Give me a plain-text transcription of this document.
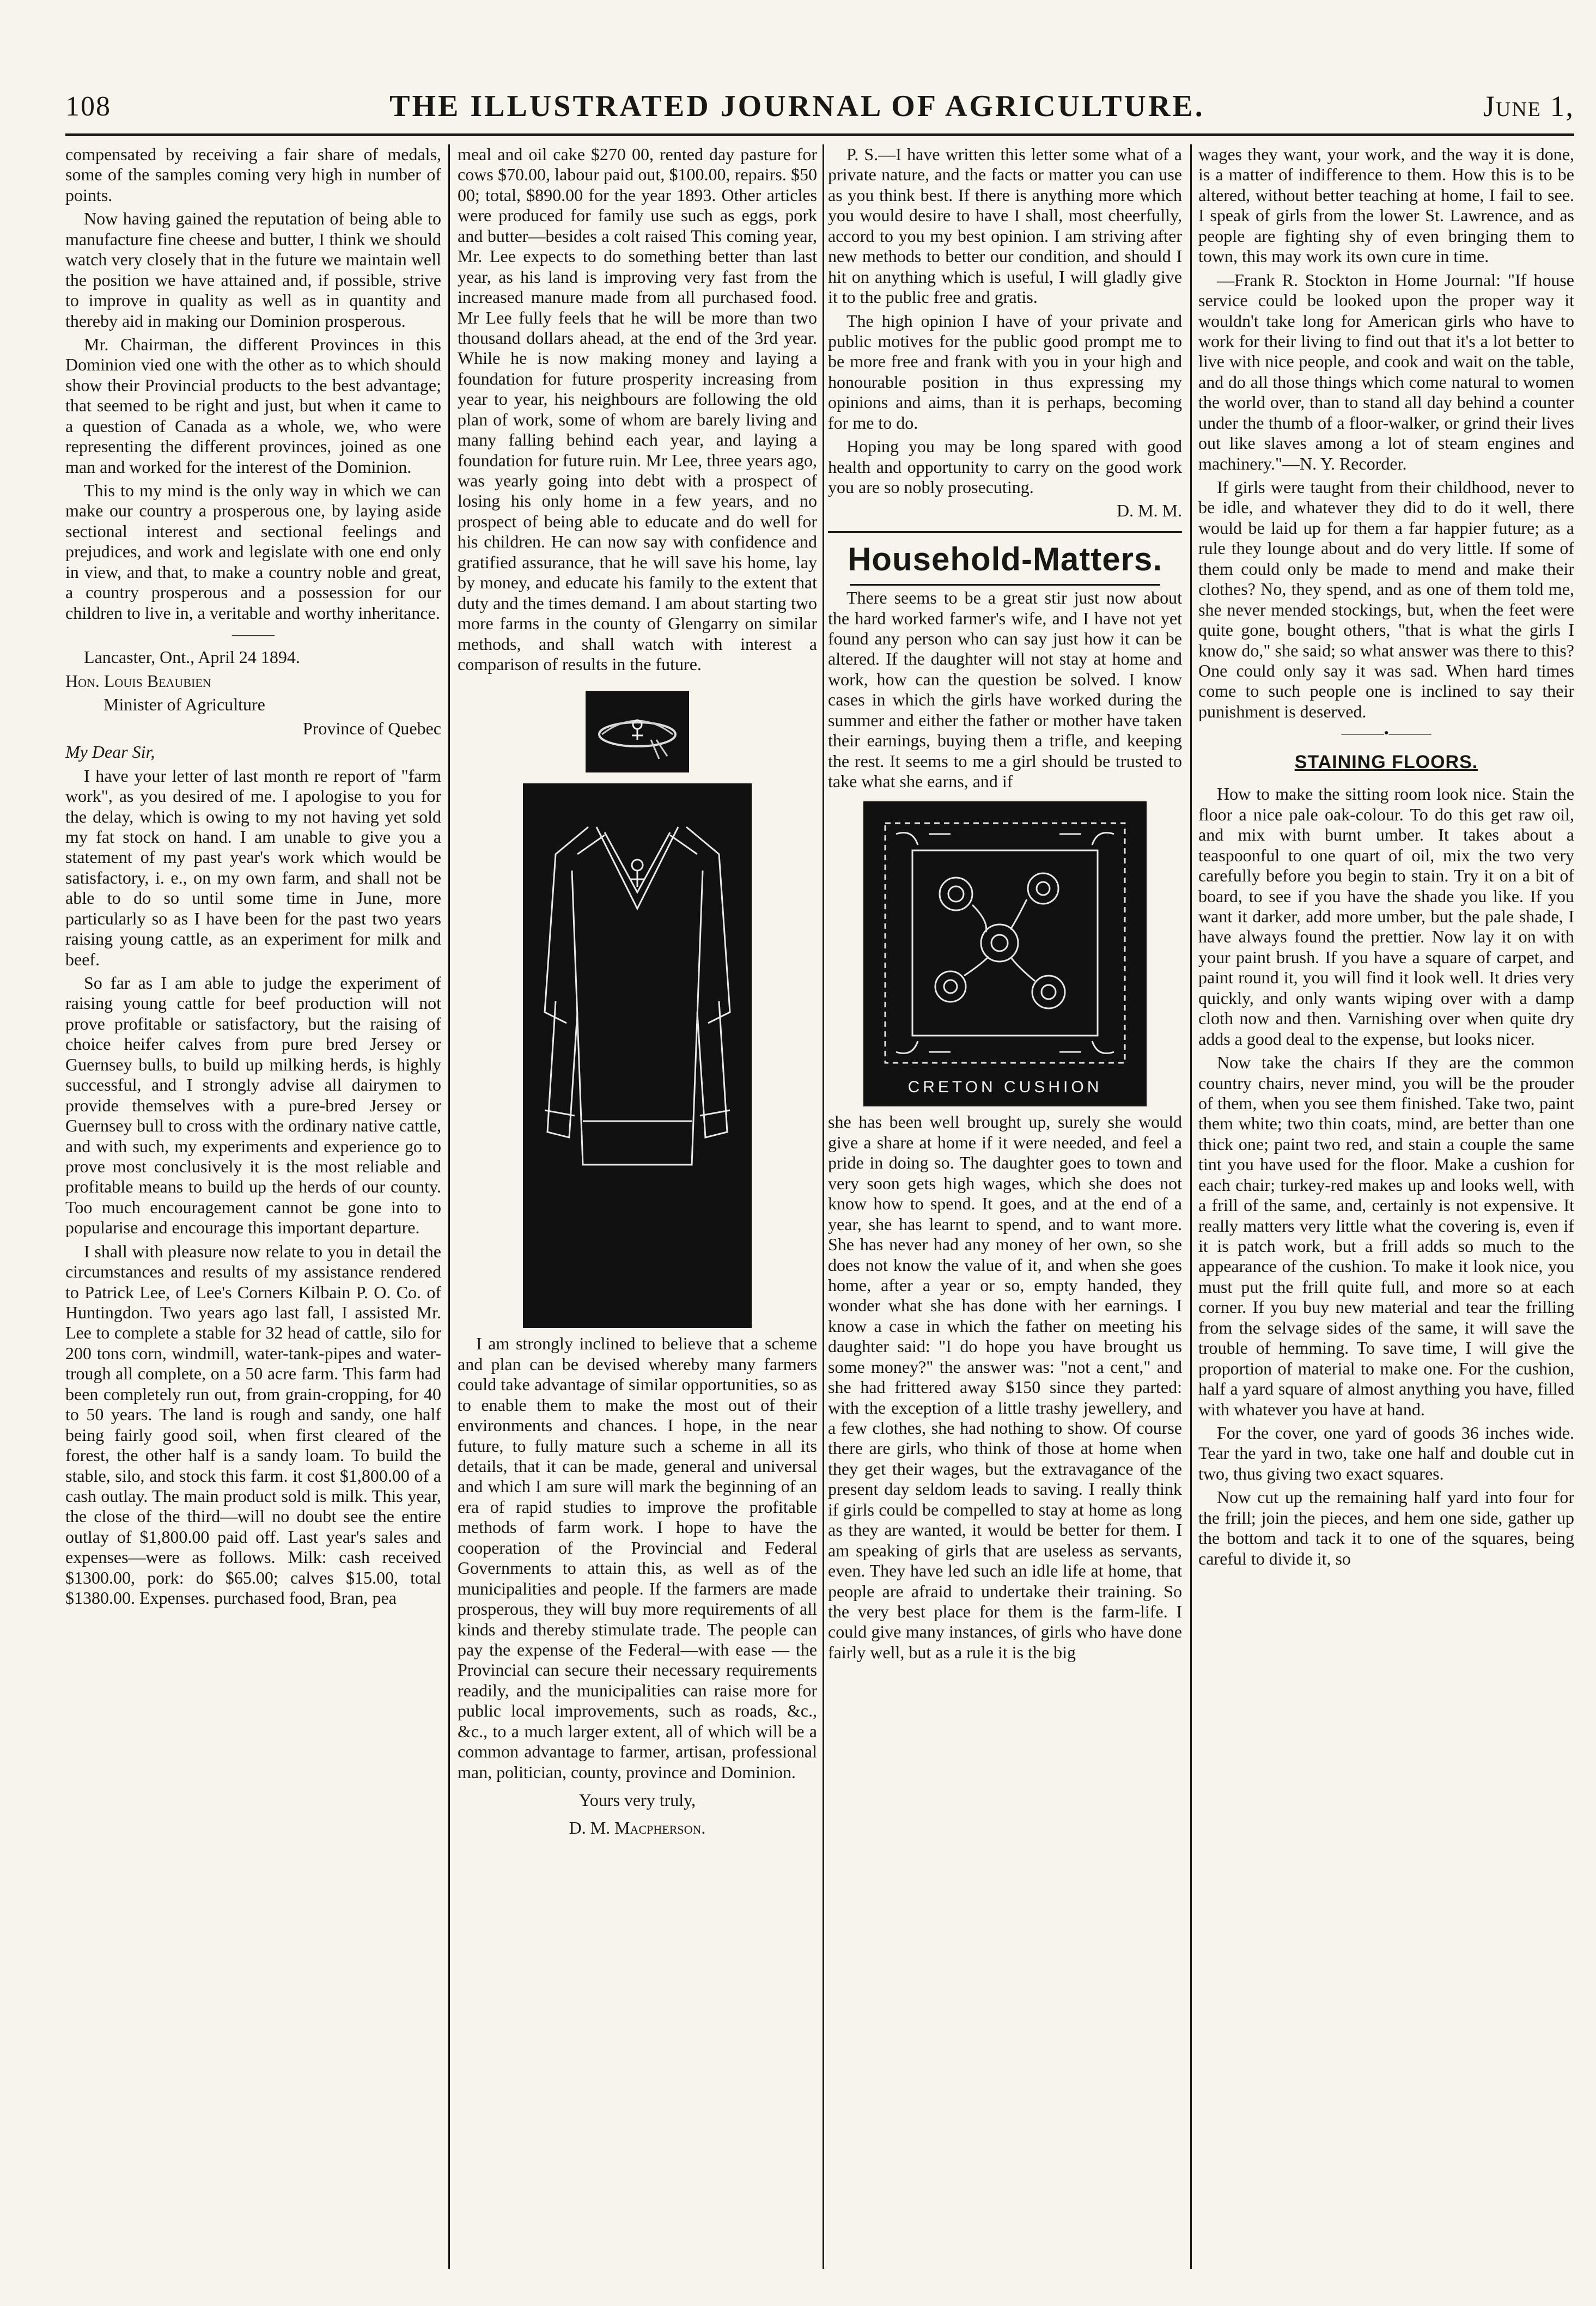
108	THE ILLUSTRATED JOURNAL OF AGRICULTURE.	June 1,

compensated by receiving a fair share of medals, some of the samples coming very high in number of points.

Now having gained the reputation of being able to manufacture fine cheese and butter, I think we should watch very closely that in the future we maintain well the position we have attained and, if possible, strive to improve in quality as well as in quantity and thereby aid in making our Dominion prosperous.

Mr. Chairman, the different Provinces in this Dominion vied one with the other as to which should show their Provincial products to the best advantage; that seemed to be right and just, but when it came to a question of Canada as a whole, we, who were representing the different provinces, joined as one man and worked for the interest of the Dominion.

This to my mind is the only way in which we can make our country a prosperous one, by laying aside sectional interest and sectional feelings and prejudices, and work and legislate with one end only in view, and that, to make a country noble and great, a country prosperous and a possession for our children to live in, a veritable and worthy inheritance.

———

Lancaster, Ont., April 24 1894.

Hon. Louis Beaubien

Minister of Agriculture

Province of Quebec

My Dear Sir,

I have your letter of last month re report of "farm work", as you desired of me. I apologise to you for the delay, which is owing to my not having yet sold my fat stock on hand. I am unable to give you a statement of my past year's work which would be satisfactory, i. e., on my own farm, and shall not be able to do so until some time in June, more particularly so as I have been for the past two years raising young cattle, as an experiment for milk and beef.

So far as I am able to judge the experiment of raising young cattle for beef production will not prove profitable or satisfactory, but the raising of choice heifer calves from pure bred Jersey or Guernsey bulls, to build up milking herds, is highly successful, and I strongly advise all dairymen to provide themselves with a pure-bred Jersey or Guernsey bull to cross with the ordinary native cattle, and with such, my experiments and experience go to prove most conclusively it is the most reliable and profitable means to build up the herds of our county. Too much encouragement cannot be gone into to popularise and encourage this important departure.

I shall with pleasure now relate to you in detail the circumstances and results of my assistance rendered to Patrick Lee, of Lee's Corners Kilbain P. O. Co. of Huntingdon. Two years ago last fall, I assisted Mr. Lee to complete a stable for 32 head of cattle, silo for 200 tons corn, windmill, water-tank-pipes and water-trough all complete, on a 50 acre farm. This farm had been completely run out, from grain-cropping, for 40 to 50 years. The land is rough and sandy, one half being fairly good soil, when first cleared of the forest, the other half is a sandy loam. To build the stable, silo, and stock this farm. it cost $1,800.00 of a cash outlay. The main product sold is milk. This year, the close of the third—will no doubt see the entire outlay of $1,800.00 paid off. Last year's sales and expenses—were as follows. Milk: cash received $1300.00, pork: do $65.00; calves $15.00, total $1380.00. Expenses. purchased food, Bran, pea

meal and oil cake $270 00, rented day pasture for cows $70.00, labour paid out, $100.00, repairs. $50 00; total, $890.00 for the year 1893. Other articles were produced for family use such as eggs, pork and butter—besides a colt raised This coming year, Mr. Lee expects to do something better than last year, as his land is improving very fast from the increased manure made from all purchased food. Mr Lee fully feels that he will be more than two thousand dollars ahead, at the end of the 3rd year. While he is now making money and laying a foundation for future prosperity increasing from year to year, his neighbours are following the old plan of work, some of whom are barely living and many falling behind each year, and laying a foundation for future ruin. Mr Lee, three years ago, was yearly going into debt with a prospect of losing his only home in a few years, and no prospect of being able to educate and do well for his children. He can now say with confidence and gratified assurance, that he will save his home, lay by money, and educate his family to the extent that duty and the times demand. I am about starting two more farms in the county of Glengarry on similar methods, and shall watch with interest a comparison of results in the future.

I am strongly inclined to believe that a scheme and plan can be devised whereby many farmers could take advantage of similar opportunities, so as to enable them to make the most out of their environments and chances. I hope, in the near future, to fully mature such a scheme in all its details, that it can be made, general and universal and which I am sure will mark the beginning of an era of rapid studies to improve the profitable methods of farm work. I hope to have the cooperation of the Provincial and Federal Governments to attain this, as well as of the municipalities and people. If the farmers are made prosperous, they will buy more requirements of all kinds and thereby stimulate trade. The people can pay the expense of the Federal—with ease — the Provincial can secure their necessary requirements readily, and the municipalities can raise more for public local improvements, such as roads, &c., &c., to a much larger extent, all of which will be a common advantage to farmer, artisan, professional man, politician, county, province and Dominion.

Yours very truly,

D. M. Macpherson.

P. S.—I have written this letter some what of a private nature, and the facts or matter you can use as you think best. If there is anything more which you would desire to have I shall, most cheerfully, accord to you my best opinion. I am striving after new methods to better our condition, and should I hit on anything which is useful, I will gladly give it to the public free and gratis.

The high opinion I have of your private and public motives for the public good prompt me to be more free and frank with you in your high and honourable position in thus expressing my opinions and aims, than it is perhaps, becoming for me to do.

Hoping you may be long spared with good health and opportunity to carry on the good work you are so nobly prosecuting.

D. M. M.

Household-Matters.

There seems to be a great stir just now about the hard worked farmer's wife, and I have not yet found any person who can say just how it can be altered. If the daughter will not stay at home and work, how can the question be solved. I know cases in which the girls have worked during the summer and either the father or mother have taken their earnings, buying them a trifle, and keeping the rest. It seems to me a girl should be trusted to take what she earns, and if

CRETON CUSHION

she has been well brought up, surely she would give a share at home if it were needed, and feel a pride in doing so. The daughter goes to town and very soon gets high wages, which she does not know how to spend. It goes, and at the end of a year, she has learnt to spend, and to want more. She has never had any money of her own, so she does not know the value of it, and when she goes home, after a year or so, empty handed, they wonder what she has done with her earnings. I know a case in which the father on meeting his daughter said: "I do hope you have brought us some money?" the answer was: "not a cent," and she had frittered away $150 since they parted: with the exception of a little trashy jewellery, and a few clothes, she had nothing to show. Of course there are girls, who think of those at home when they get their wages, but the extravagance of the present day seldom leads to saving. I really think if girls could be compelled to stay at home as long as they are wanted, it would be better for them. I am speaking of girls that are useless as servants, even. They have led such an idle life at home, that people are afraid to undertake their training. So the very best place for them is the farm-life. I could give many instances, of girls who have done fairly well, but as a rule it is the big

wages they want, your work, and the way it is done, is a matter of indifference to them. How this is to be altered, without better teaching at home, I fail to see. I speak of girls from the lower St. Lawrence, and as people are fighting shy of even bringing them to town, this may work its own cure in time.

—Frank R. Stockton in Home Journal: "If house service could be looked upon the proper way it wouldn't take long for American girls who have to work for their living to find out that it's a lot better to live with nice people, and cook and wait on the table, and do all those things which come natural to women the world over, than to stand all day behind a counter under the thumb of a floor-walker, or grind their lives out like slaves among a lot of steam engines and machinery."—N. Y. Recorder.

If girls were taught from their childhood, never to be idle, and whatever they did to do it well, there would be laid up for them a far happier future; as a rule they lounge about and do very little. If some of them could only be made to mend and make their clothes? No, they spend, and as one of them told me, she never mended stockings, but, when the feet were quite gone, bought others, "that is what the girls I know do," she said; so what answer was there to this? One could only say it was sad. When hard times come to such people one is inclined to say their punishment is deserved.

———•———
STAINING FLOORS.

How to make the sitting room look nice. Stain the floor a nice pale oak-colour. To do this get raw oil, and mix with burnt umber. It takes about a teaspoonful to one quart of oil, mix the two very carefully before you begin to stain. Try it on a bit of board, to see if you have the shade you like. If you want it darker, add more umber, but the pale shade, I have always found the prettier. Now lay it on with your paint brush. If you have a square of carpet, and paint round it, you will find it look well. It dries very quickly, and only wants wiping over with a damp cloth now and then. Varnishing over when quite dry adds a good deal to the expense, but looks nicer.

Now take the chairs If they are the common country chairs, never mind, you will be the prouder of them, when you see them finished. Take two, paint them white; two thin coats, mind, are better than one thick one; paint two red, and stain a couple the same tint you have used for the floor. Make a cushion for each chair; turkey-red makes up and looks well, with a frill of the same, and, certainly is not expensive. It really matters very little what the covering is, even if it is patch work, but a frill adds so much to the appearance of the cushion. To make it look nice, you must put the frill quite full, and more so at each corner. If you buy new material and tear the frilling from the selvage sides of the same, it will save the trouble of hemming. To save time, I will give the proportion of material to make one. For the cushion, half a yard square of almost anything you have, filled with whatever you have at hand.

For the cover, one yard of goods 36 inches wide. Tear the yard in two, take one half and double cut in two, thus giving two exact squares.

Now cut up the remaining half yard into four for the frill; join the pieces, and hem one side, gather up the bottom and tack it to one of the squares, being careful to divide it, so
